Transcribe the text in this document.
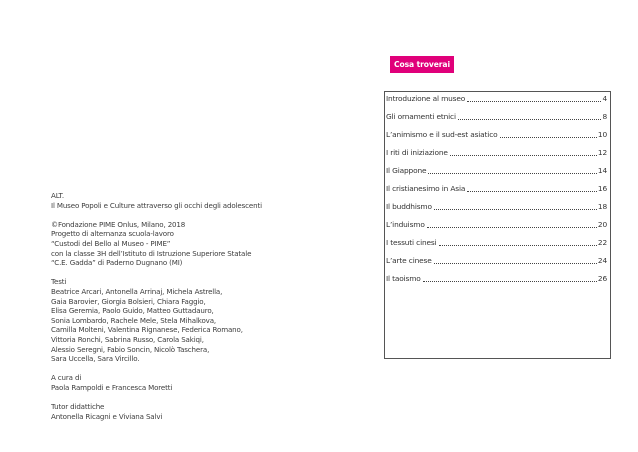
ALT.
Il Museo Popoli e Culture attraverso gli occhi degli adolescenti
©Fondazione PIME Onlus, Milano, 2018
Progetto di alternanza scuola-lavoro
“Custodi del Bello al Museo - PIME”
con la classe 3H dell’Istituto di Istruzione Superiore Statale
“C.E. Gadda” di Paderno Dugnano (MI)
Testi
Beatrice Arcari, Antonella Arrinaj, Michela Astrella,
Gaia Barovier, Giorgia Bolsieri, Chiara Faggio,
Elisa Geremia, Paolo Guido, Matteo Guttadauro,
Sonia Lombardo, Rachele Mele, Stela Mihalkova,
Camilla Molteni, Valentina Rignanese, Federica Romano,
Vittoria Ronchi, Sabrina Russo, Carola Sakiqi,
Alessio Seregni, Fabio Soncin, Nicolò Taschera,
Sara Uccella, Sara Vircillo.
A cura di
Paola Rampoldi e Francesca Moretti
Tutor didattiche
Antonella Ricagni e Viviana Salvi
Cosa troverai
Introduzione al museo	4
Gli ornamenti etnici	8
L’animismo e il sud-est asiatico	10
I riti di iniziazione	12
Il Giappone	14
Il cristianesimo in Asia	16
Il buddhismo	18
L’induismo	20
I tessuti cinesi	22
L’arte cinese	24
Il taoismo	26
